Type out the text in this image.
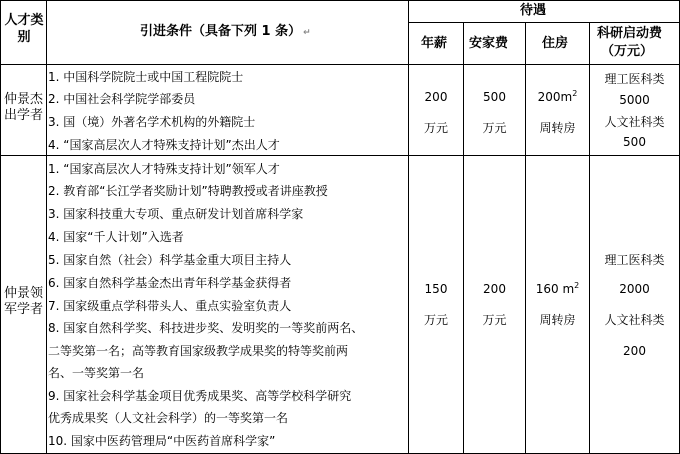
人才类别	引进条件（具备下列 1 条） ↵
待遇
年薪 安家费	住房
科研启动费
（万元）
仲景杰
出学者
1. 中国科学院院士或中国工程院院士
2. 中国社会科学院学部委员
3. 国（境）外著名学术机构的外籍院士
4. “国家高层次人才特殊支持计划”杰出人才
200
万元
500
万元
$200m^2$
周转房
理工医科类
5000
人文社科类
500
仲景领
军学者
1. “国家高层次人才特殊支持计划”领军人才
2. 教育部“长江学者奖励计划”特聘教授或者讲座教授
3. 国家科技重大专项、重点研发计划首席科学家
4. 国家“千人计划”入选者
5. 国家自然（社会）科学基金重大项目主持人
6. 国家自然科学基金杰出青年科学基金获得者
7. 国家级重点学科带头人、重点实验室负责人
8. 国家自然科学奖、科技进步奖、发明奖的一等奖前两名、
二等奖第一名；高等教育国家级教学成果奖的特等奖前两
名、一等奖第一名
9. 国家社会科学基金项目优秀成果奖、高等学校科学研究
优秀成果奖（人文社会科学）的一等奖第一名
10. 国家中医药管理局“中医药首席科学家”
150
万元
200
万元
160 $m^2$
周转房
理工医科类
2000
人文社科类
200
